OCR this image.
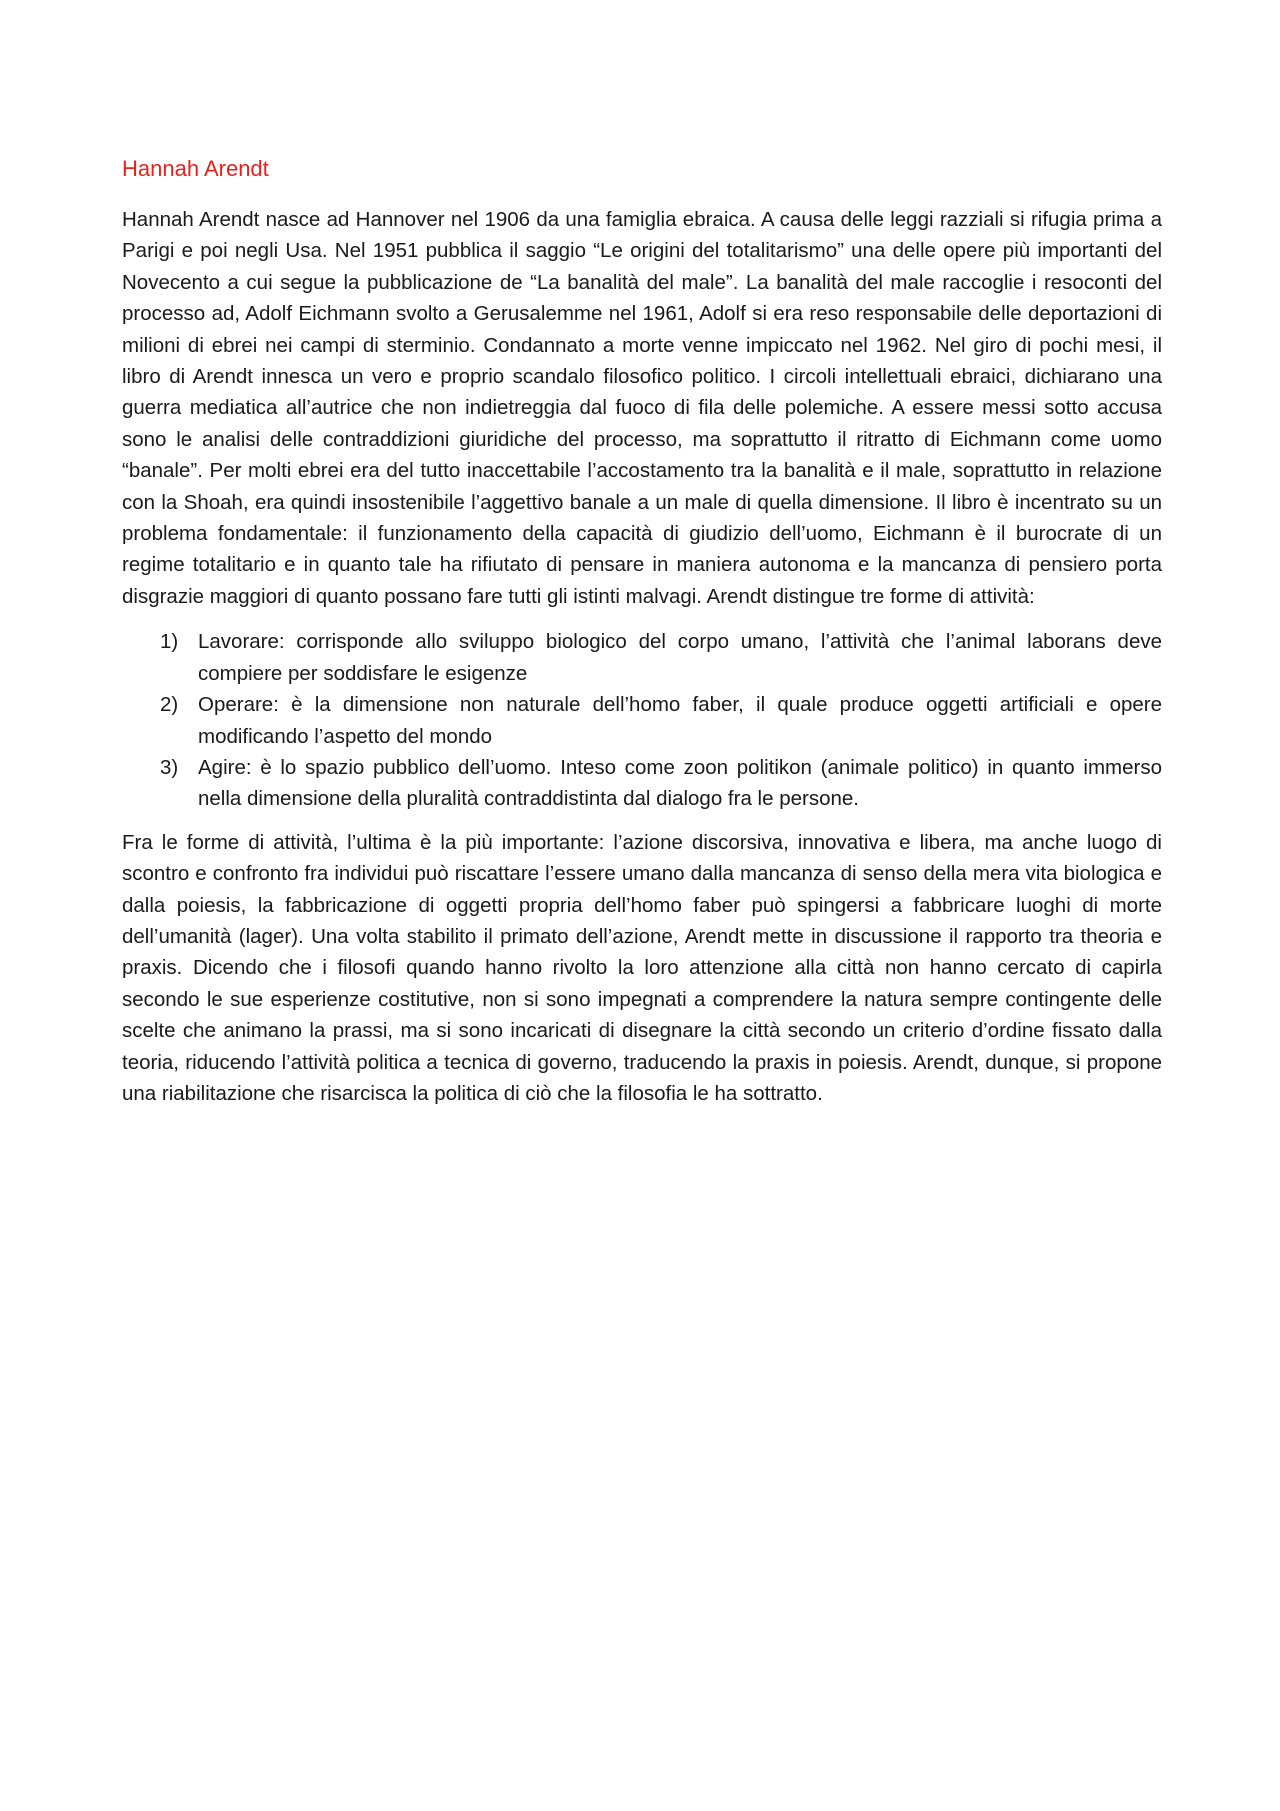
Hannah Arendt

Hannah Arendt nasce ad Hannover nel 1906 da una famiglia ebraica. A causa delle leggi razziali si rifugia prima a Parigi e poi negli Usa. Nel 1951 pubblica il saggio “Le origini del totalitarismo” una delle opere più importanti del Novecento a cui segue la pubblicazione de “La banalità del male”. La banalità del male raccoglie i resoconti del processo ad, Adolf Eichmann svolto a Gerusalemme nel 1961, Adolf si era reso responsabile delle deportazioni di milioni di ebrei nei campi di sterminio. Condannato a morte venne impiccato nel 1962. Nel giro di pochi mesi, il libro di Arendt innesca un vero e proprio scandalo filosofico politico. I circoli intellettuali ebraici, dichiarano una guerra mediatica all’autrice che non indietreggia dal fuoco di fila delle polemiche. A essere messi sotto accusa sono le analisi delle contraddizioni giuridiche del processo, ma soprattutto il ritratto di Eichmann come uomo “banale”. Per molti ebrei era del tutto inaccettabile l’accostamento tra la banalità e il male, soprattutto in relazione con la Shoah, era quindi insostenibile l’aggettivo banale a un male di quella dimensione. Il libro è incentrato su un problema fondamentale: il funzionamento della capacità di giudizio dell’uomo, Eichmann è il burocrate di un regime totalitario e in quanto tale ha rifiutato di pensare in maniera autonoma e la mancanza di pensiero porta disgrazie maggiori di quanto possano fare tutti gli istinti malvagi. Arendt distingue tre forme di attività:

1) Lavorare: corrisponde allo sviluppo biologico del corpo umano, l’attività che l’animal laborans deve compiere per soddisfare le esigenze
2) Operare: è la dimensione non naturale dell’homo faber, il quale produce oggetti artificiali e opere modificando l’aspetto del mondo
3) Agire: è lo spazio pubblico dell’uomo. Inteso come zoon politikon (animale politico) in quanto immerso nella dimensione della pluralità contraddistinta dal dialogo fra le persone.

Fra le forme di attività, l’ultima è la più importante: l’azione discorsiva, innovativa e libera, ma anche luogo di scontro e confronto fra individui può riscattare l’essere umano dalla mancanza di senso della mera vita biologica e dalla poiesis, la fabbricazione di oggetti propria dell’homo faber può spingersi a fabbricare luoghi di morte dell’umanità (lager). Una volta stabilito il primato dell’azione, Arendt mette in discussione il rapporto tra theoria e praxis. Dicendo che i filosofi quando hanno rivolto la loro attenzione alla città non hanno cercato di capirla secondo le sue esperienze costitutive, non si sono impegnati a comprendere la natura sempre contingente delle scelte che animano la prassi, ma si sono incaricati di disegnare la città secondo un criterio d’ordine fissato dalla teoria, riducendo l’attività politica a tecnica di governo, traducendo la praxis in poiesis. Arendt, dunque, si propone una riabilitazione che risarcisca la politica di ciò che la filosofia le ha sottratto.
